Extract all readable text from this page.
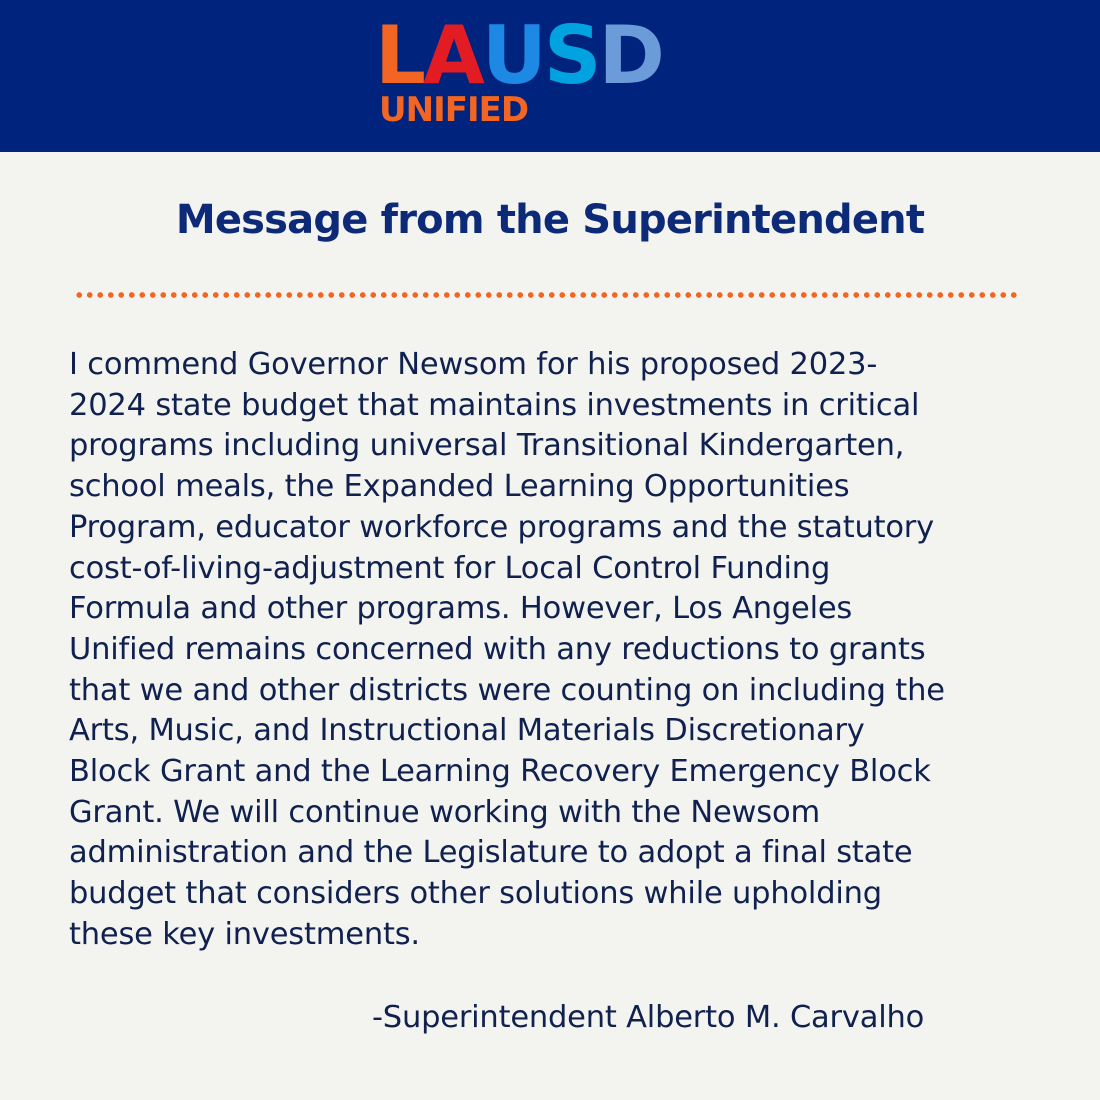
LAUSD
UNIFIED
Message from the Superintendent

I commend Governor Newsom for his proposed 2023-
2024 state budget that maintains investments in critical
programs including universal Transitional Kindergarten,
school meals, the Expanded Learning Opportunities
Program, educator workforce programs and the statutory
cost-of-living-adjustment for Local Control Funding
Formula and other programs. However, Los Angeles
Unified remains concerned with any reductions to grants
that we and other districts were counting on including the
Arts, Music, and Instructional Materials Discretionary
Block Grant and the Learning Recovery Emergency Block
Grant. We will continue working with the Newsom
administration and the Legislature to adopt a final state
budget that considers other solutions while upholding
these key investments.

-Superintendent Alberto M. Carvalho
